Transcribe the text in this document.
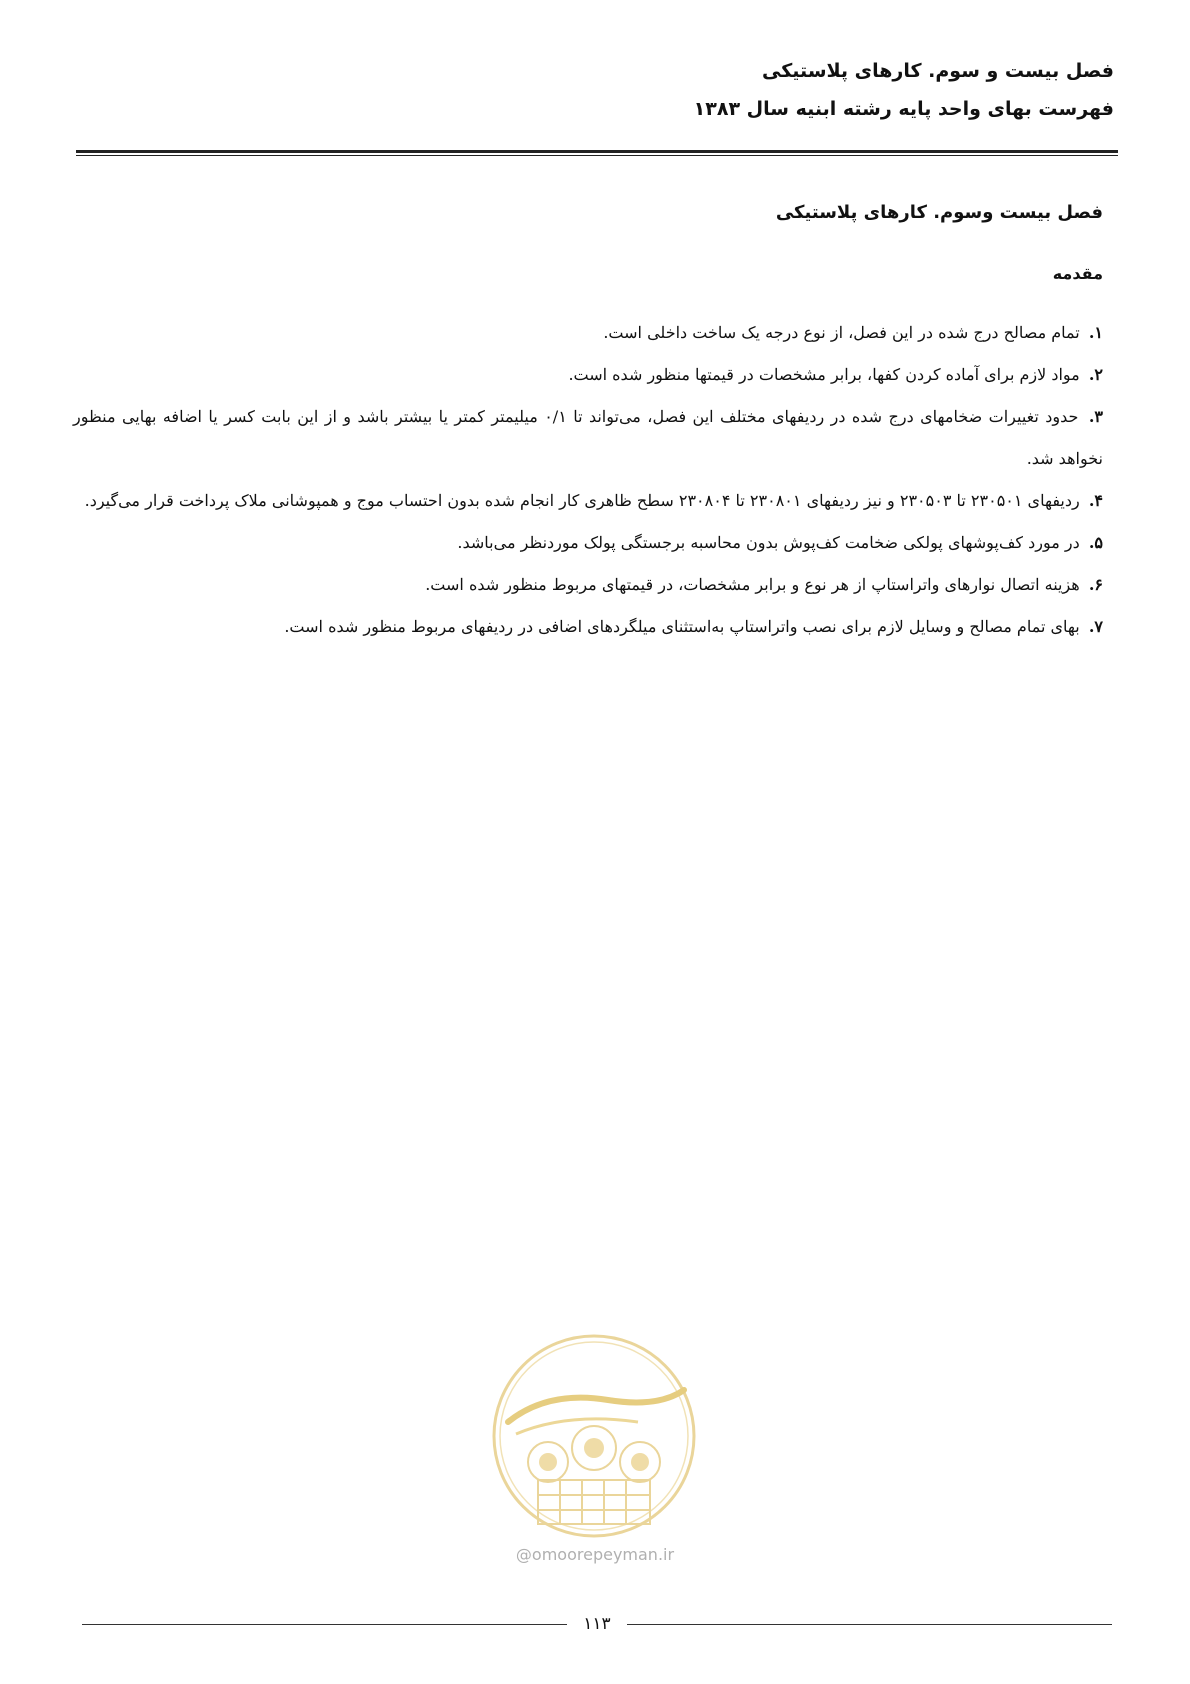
فصل بیست و سوم. کارهای پلاستیکی

فهرست بهای واحد پایه رشته ابنیه سال ۱۳۸۳

فصل بیست وسوم. کارهای پلاستیکی
مقدمه
۱. تمام مصالح درج شده در این فصل، از نوع درجه یک ساخت داخلی است.
۲. مواد لازم برای آماده کردن کفها، برابر مشخصات در قیمتها منظور شده است.
۳. حدود تغییرات ضخامهای درج شده در ردیفهای مختلف این فصل، می‌تواند تا ۰/۱ میلیمتر کمتر یا بیشتر باشد و از این بابت کسر یا اضافه بهایی منظور نخواهد شد.
۴. ردیفهای ۲۳۰۵۰۱ تا ۲۳۰۵۰۳ و نیز ردیفهای ۲۳۰۸۰۱ تا ۲۳۰۸۰۴ سطح ظاهری کار انجام شده بدون احتساب موج و همپوشانی ملاک پرداخت قرار می‌گیرد.
۵. در مورد کف‌پوشهای پولکی ضخامت کف‌پوش بدون محاسبه برجستگی پولک موردنظر می‌باشد.
۶. هزینه اتصال نوارهای واتراستاپ از هر نوع و برابر مشخصات، در قیمتهای مربوط منظور شده است.
۷. بهای تمام مصالح و وسایل لازم برای نصب واتراستاپ به‌استثنای میلگردهای اضافی در ردیفهای مربوط منظور شده است.
@omoorepeyman.ir
۱۱۳
